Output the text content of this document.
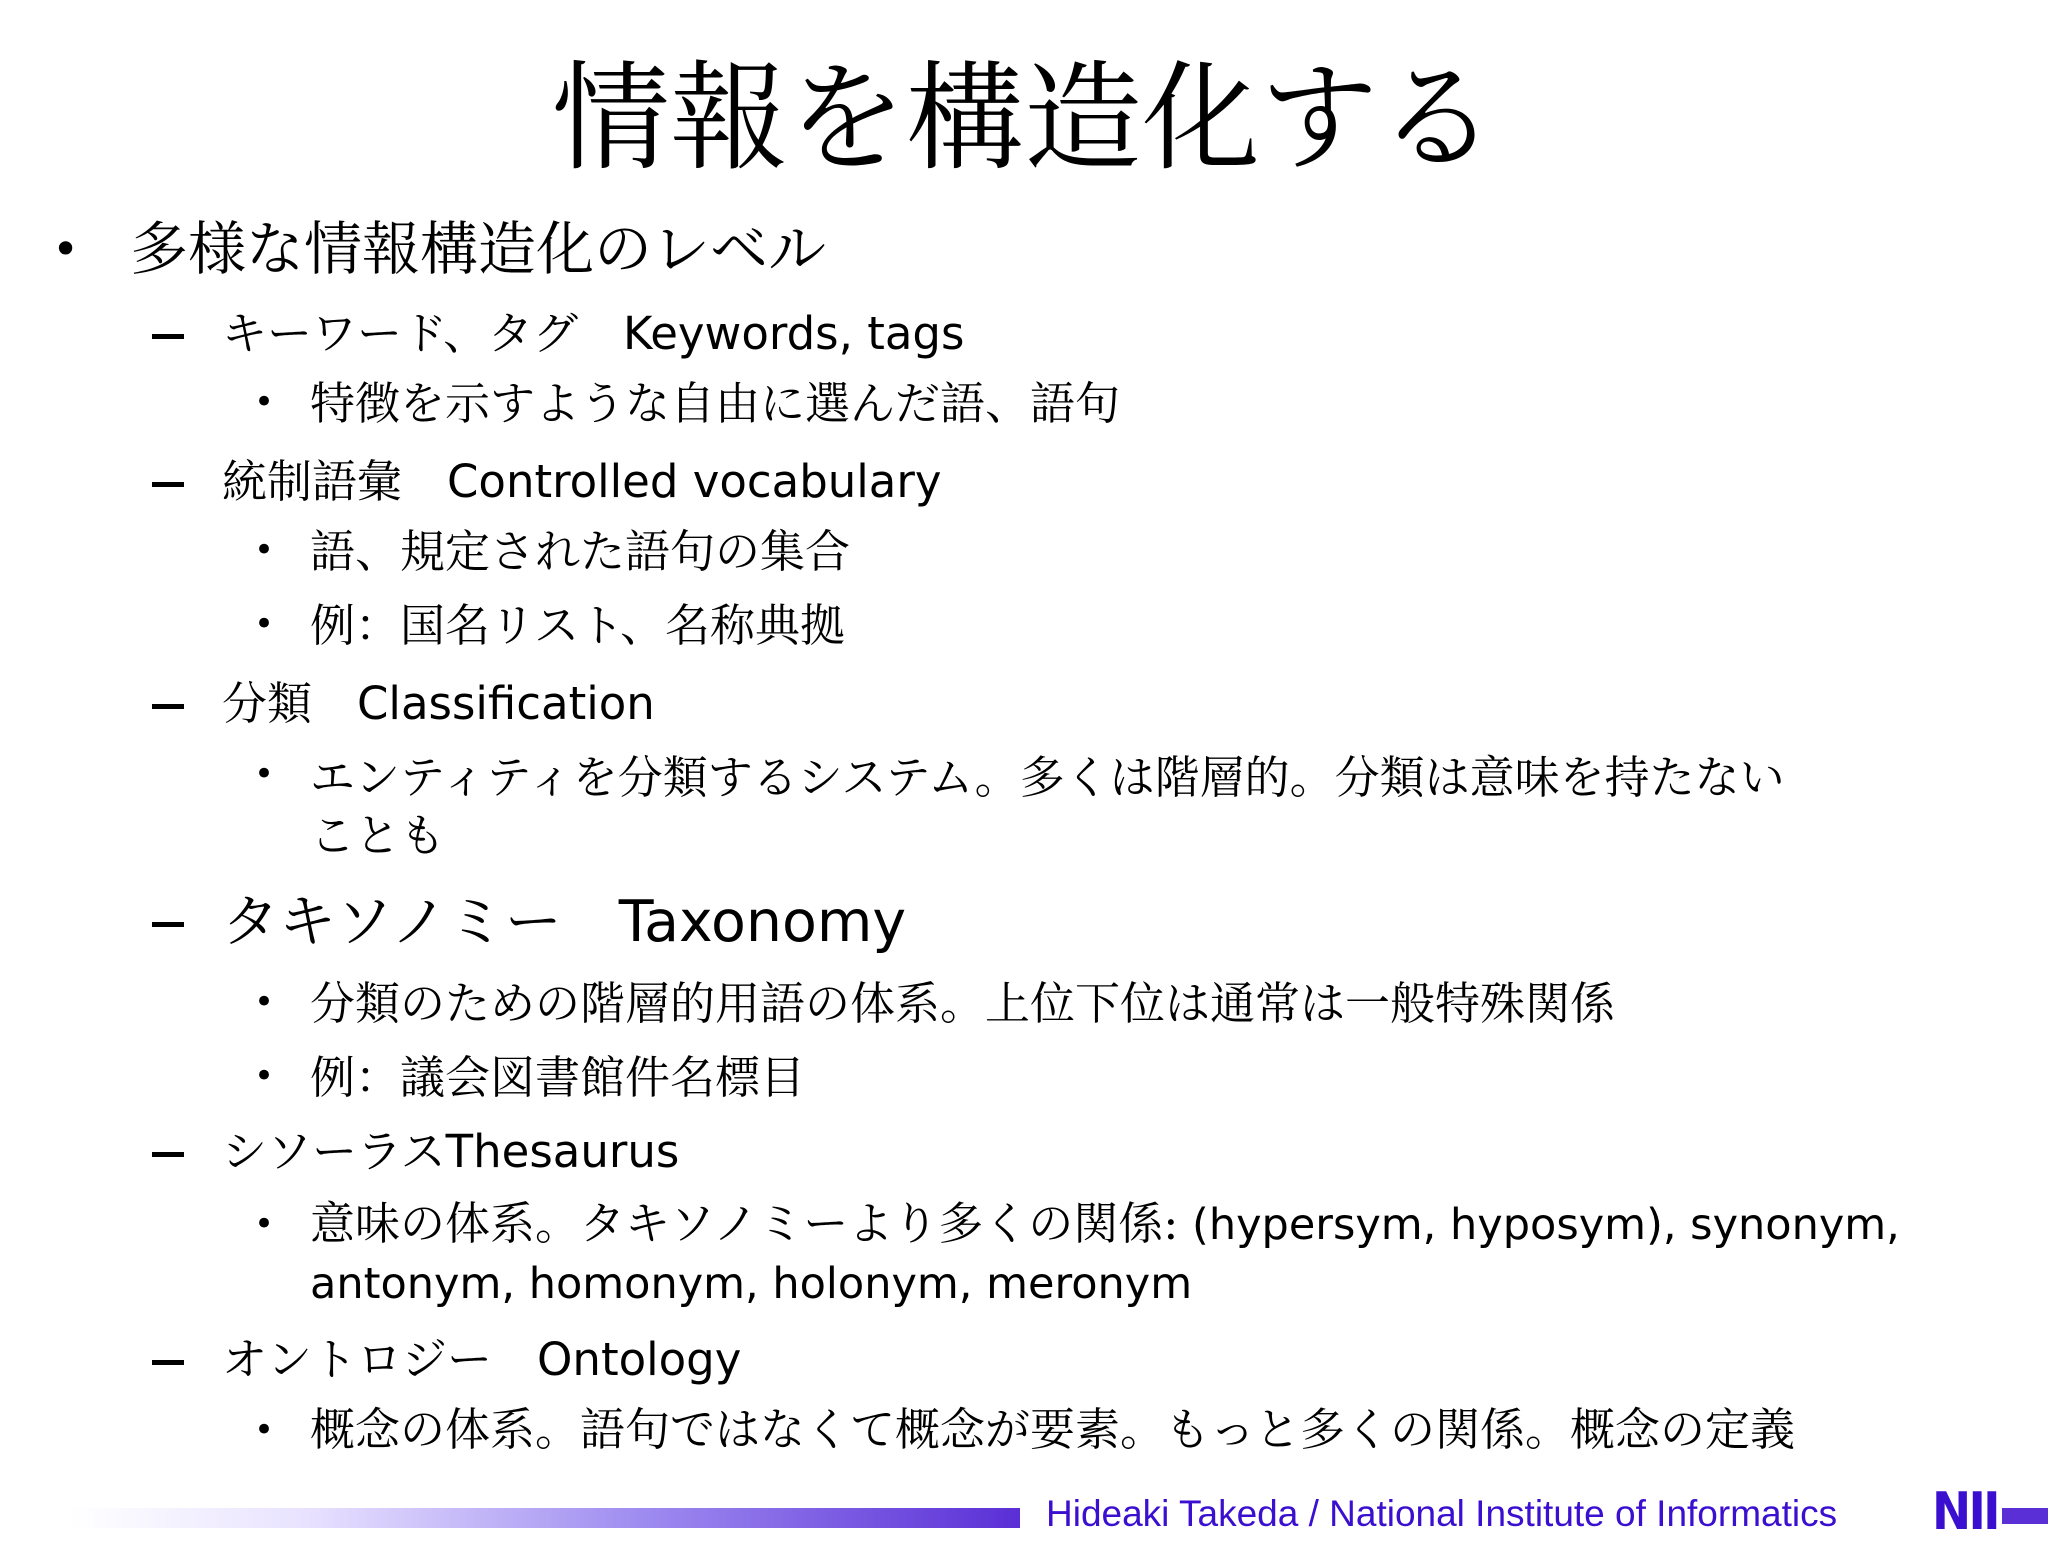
情報を構造化する
• 多様な情報構造化のレベル
キーワード、タグ　Keywords, tags
• 特徴を示すような自由に選んだ語、語句
統制語彙　Controlled vocabulary
• 語、規定された語句の集合
• 例：国名リスト、名称典拠
分類　Classification
• エンティティを分類するシステム。多くは階層的。分類は意味を持たない
ことも
タキソノミー　Taxonomy
• 分類のための階層的用語の体系。上位下位は通常は一般特殊関係
• 例：議会図書館件名標目
シソーラスThesaurus
• 意味の体系。タキソノミーより多くの関係: (hypersym, hyposym), synonym,
antonym, homonym, holonym, meronym
オントロジー　Ontology
• 概念の体系。語句ではなくて概念が要素。もっと多くの関係。概念の定義
Hideaki Takeda / National Institute of Informatics NII
